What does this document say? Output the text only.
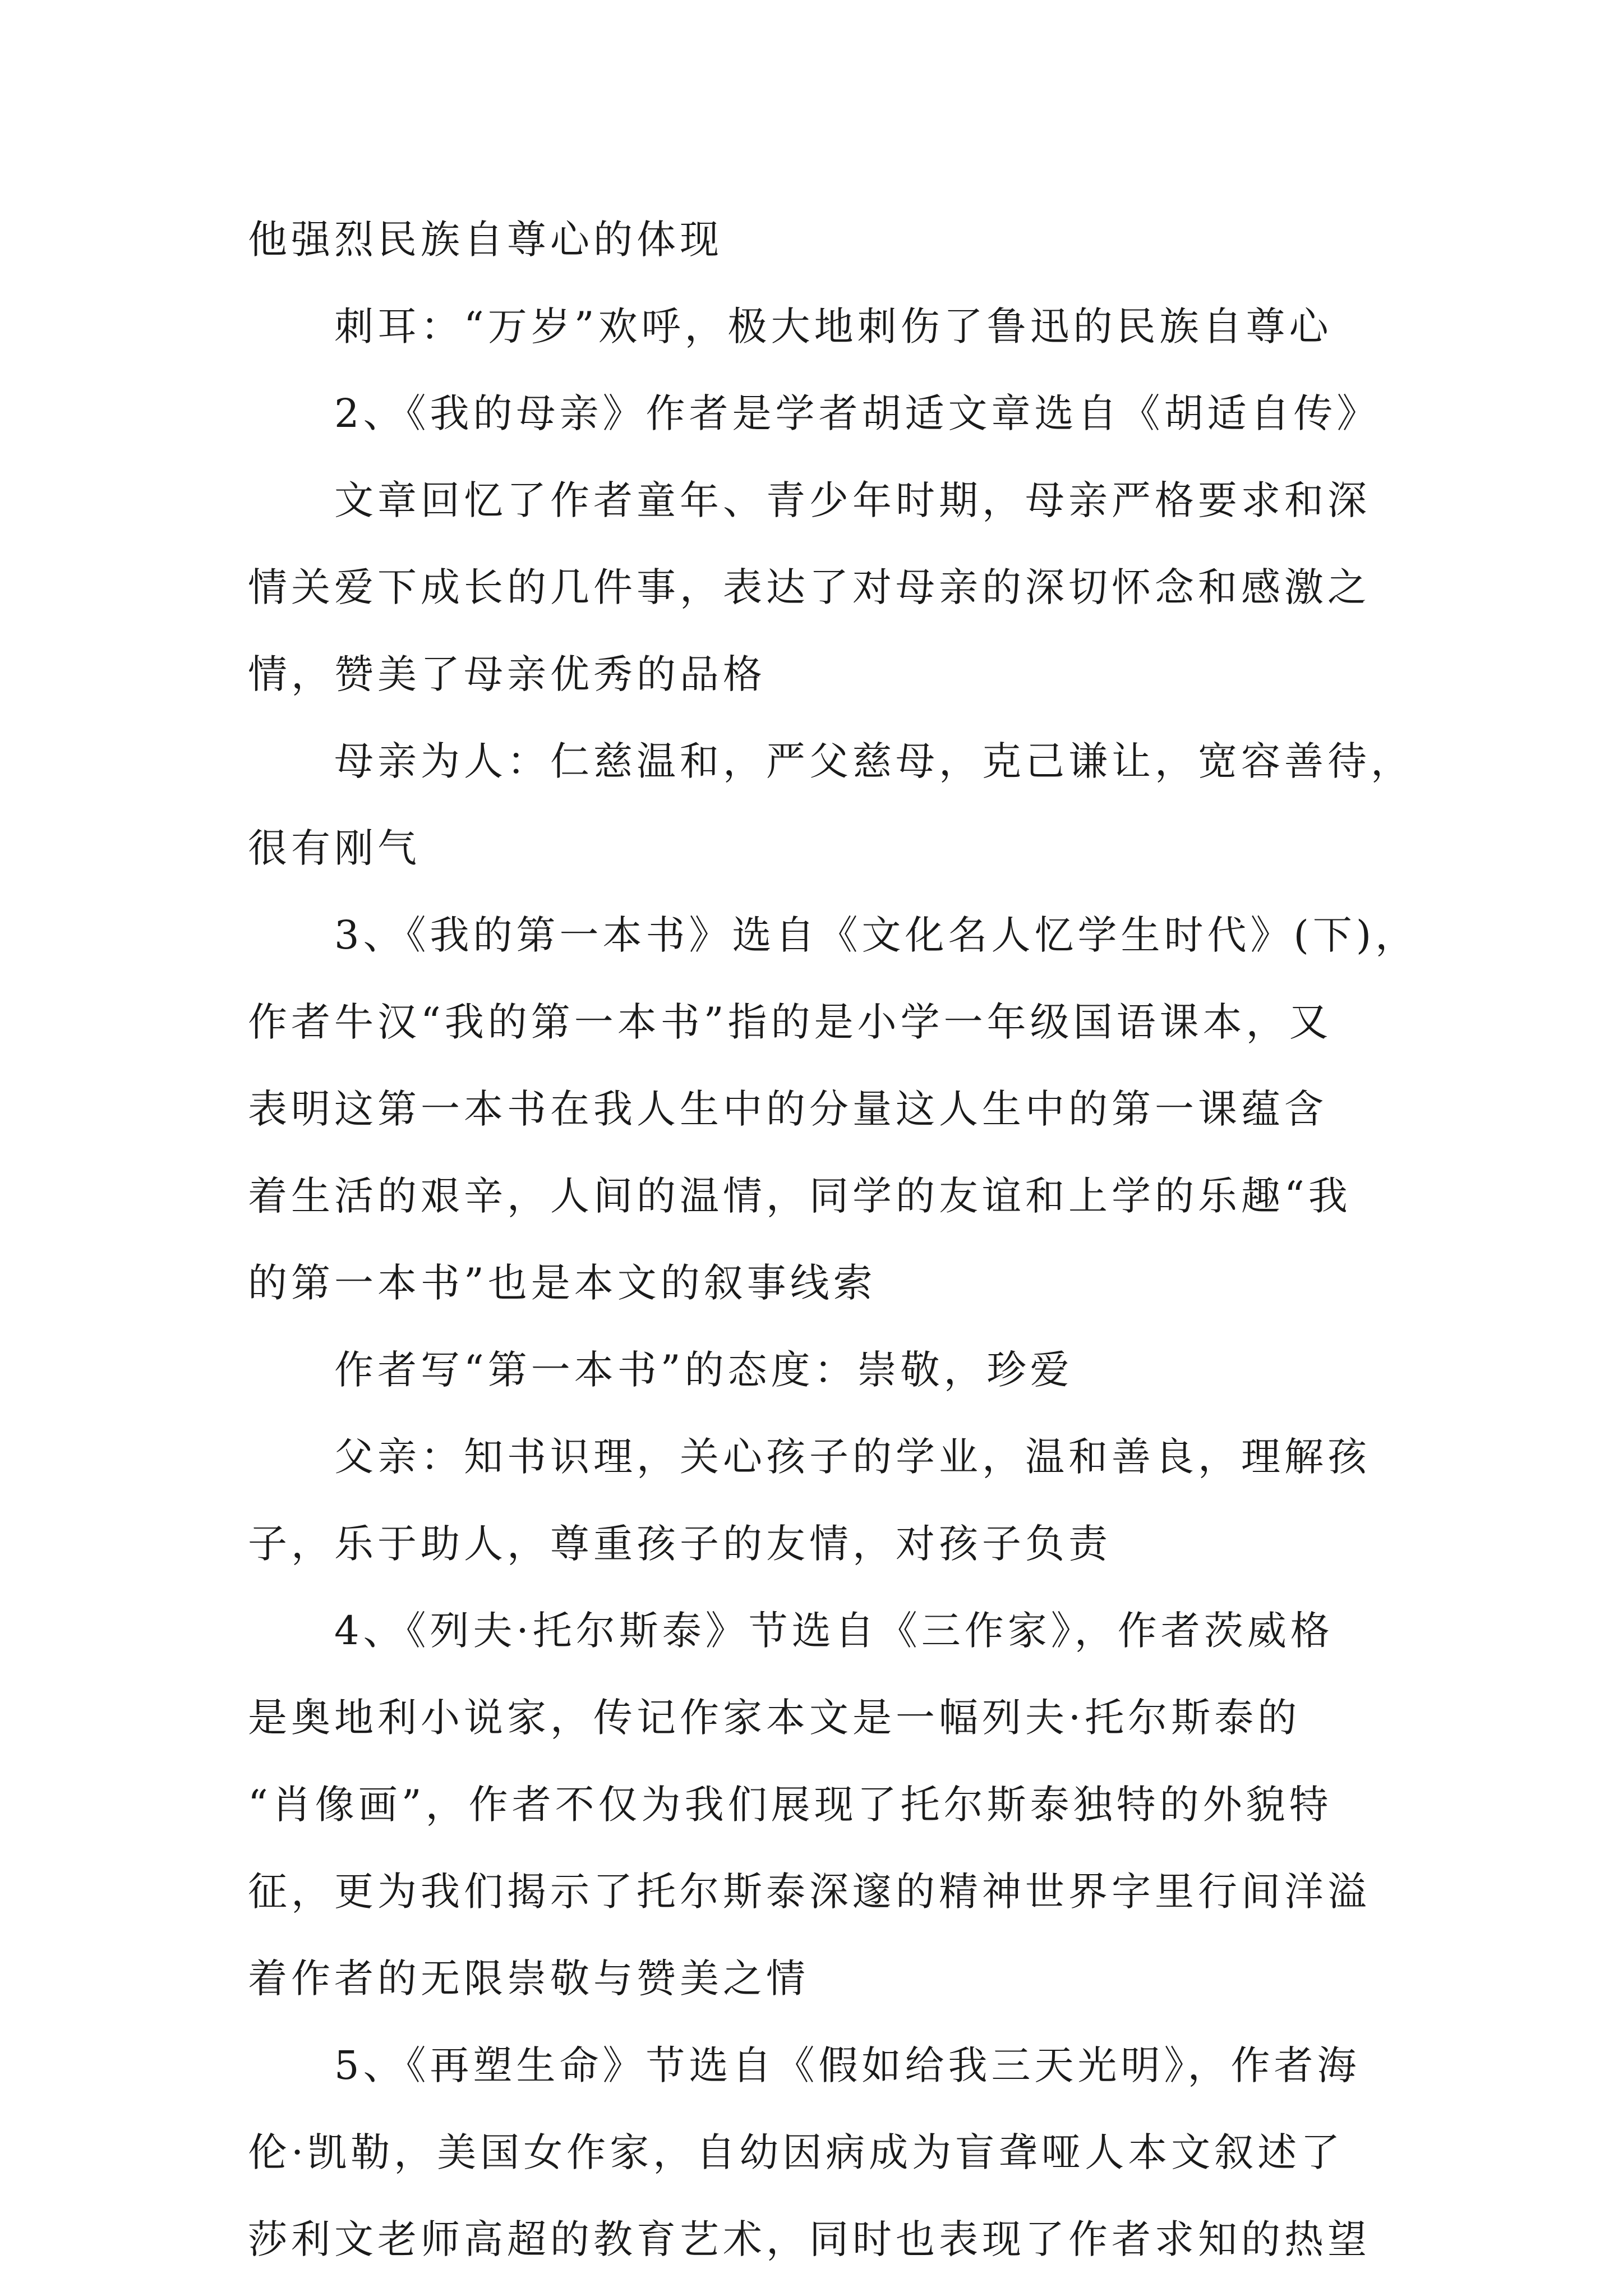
他强烈民族自尊心的体现

刺耳：“万岁”欢呼，极大地刺伤了鲁迅的民族自尊心

2、《我的母亲》作者是学者胡适文章选自《胡适自传》

文章回忆了作者童年、青少年时期，母亲严格要求和深

情关爱下成长的几件事，表达了对母亲的深切怀念和感激之

情，赞美了母亲优秀的品格

母亲为人：仁慈温和，严父慈母，克己谦让，宽容善待，

很有刚气

3、《我的第一本书》选自《文化名人忆学生时代》(下)，

作者牛汉“我的第一本书”指的是小学一年级国语课本，又

表明这第一本书在我人生中的分量这人生中的第一课蕴含

着生活的艰辛，人间的温情，同学的友谊和上学的乐趣“我

的第一本书”也是本文的叙事线索

作者写“第一本书”的态度：崇敬，珍爱

父亲：知书识理，关心孩子的学业，温和善良，理解孩

子，乐于助人，尊重孩子的友情，对孩子负责

4、《列夫·托尔斯泰》节选自《三作家》，作者茨威格

是奥地利小说家，传记作家本文是一幅列夫·托尔斯泰的

“肖像画”，作者不仅为我们展现了托尔斯泰独特的外貌特

征，更为我们揭示了托尔斯泰深邃的精神世界字里行间洋溢

着作者的无限崇敬与赞美之情

5、《再塑生命》节选自《假如给我三天光明》，作者海

伦·凯勒，美国女作家，自幼因病成为盲聋哑人本文叙述了

莎利文老师高超的教育艺术，同时也表现了作者求知的热望
